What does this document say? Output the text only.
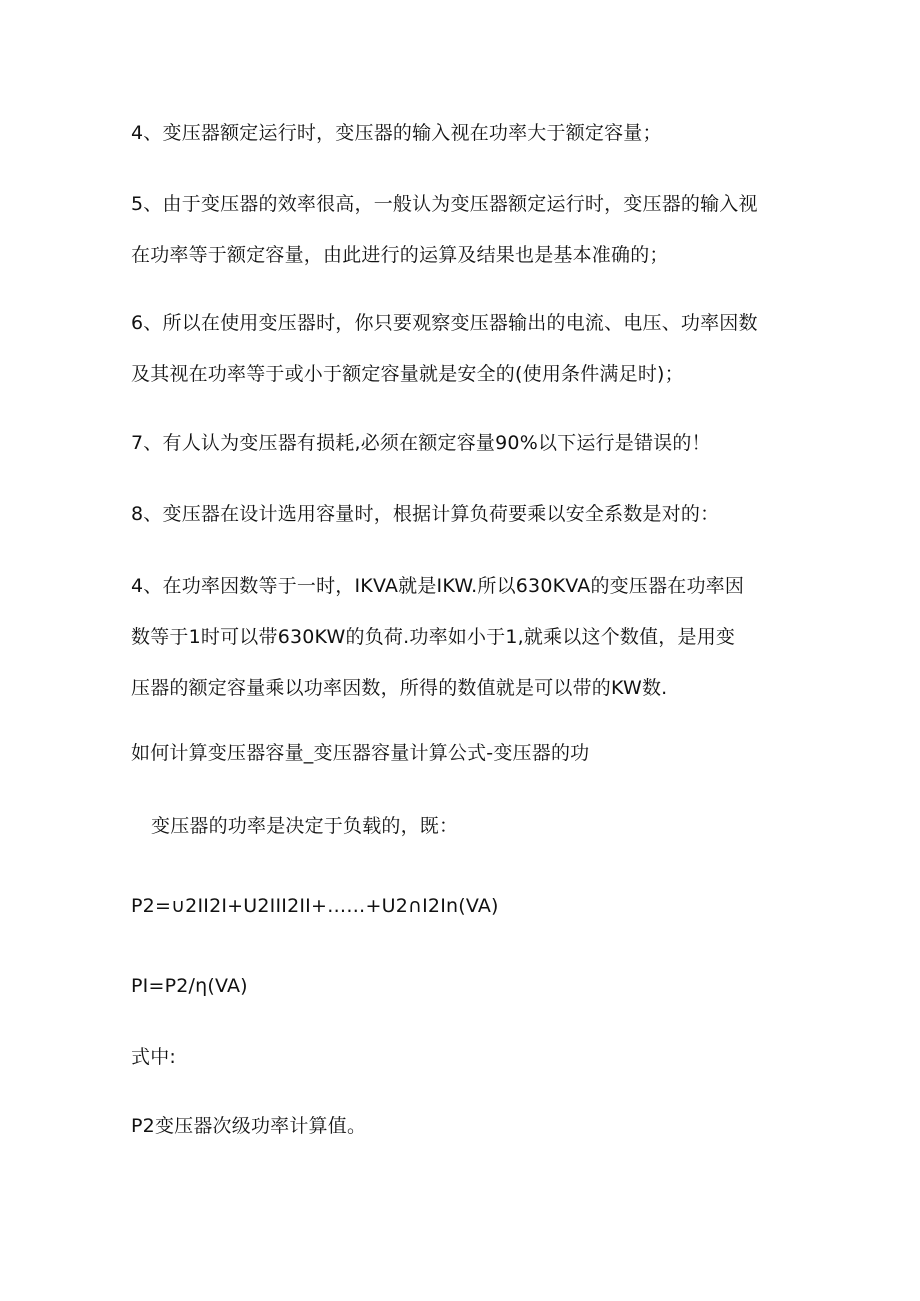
4、变压器额定运行时，变压器的输入视在功率大于额定容量；

5、由于变压器的效率很高，一般认为变压器额定运行时，变压器的输入视
在功率等于额定容量，由此进行的运算及结果也是基本准确的；

6、所以在使用变压器时，你只要观察变压器输出的电流、电压、功率因数
及其视在功率等于或小于额定容量就是安全的(使用条件满足时)；

7、有人认为变压器有损耗,必须在额定容量90%以下运行是错误的！

8、变压器在设计选用容量时，根据计算负荷要乘以安全系数是对的：

4、在功率因数等于一时，IKVA就是IKW.所以630KVA的变压器在功率因
数等于1时可以带630KW的负荷.功率如小于1,就乘以这个数值，是用变
压器的额定容量乘以功率因数，所得的数值就是可以带的KW数.

如何计算变压器容量_变压器容量计算公式-变压器的功

变压器的功率是决定于负载的，既：

P2=∪2II2I+U2III2II+……+U2∩I2In(VA)

PI=P2∕η(VA)

式中:

P2变压器次级功率计算值。
